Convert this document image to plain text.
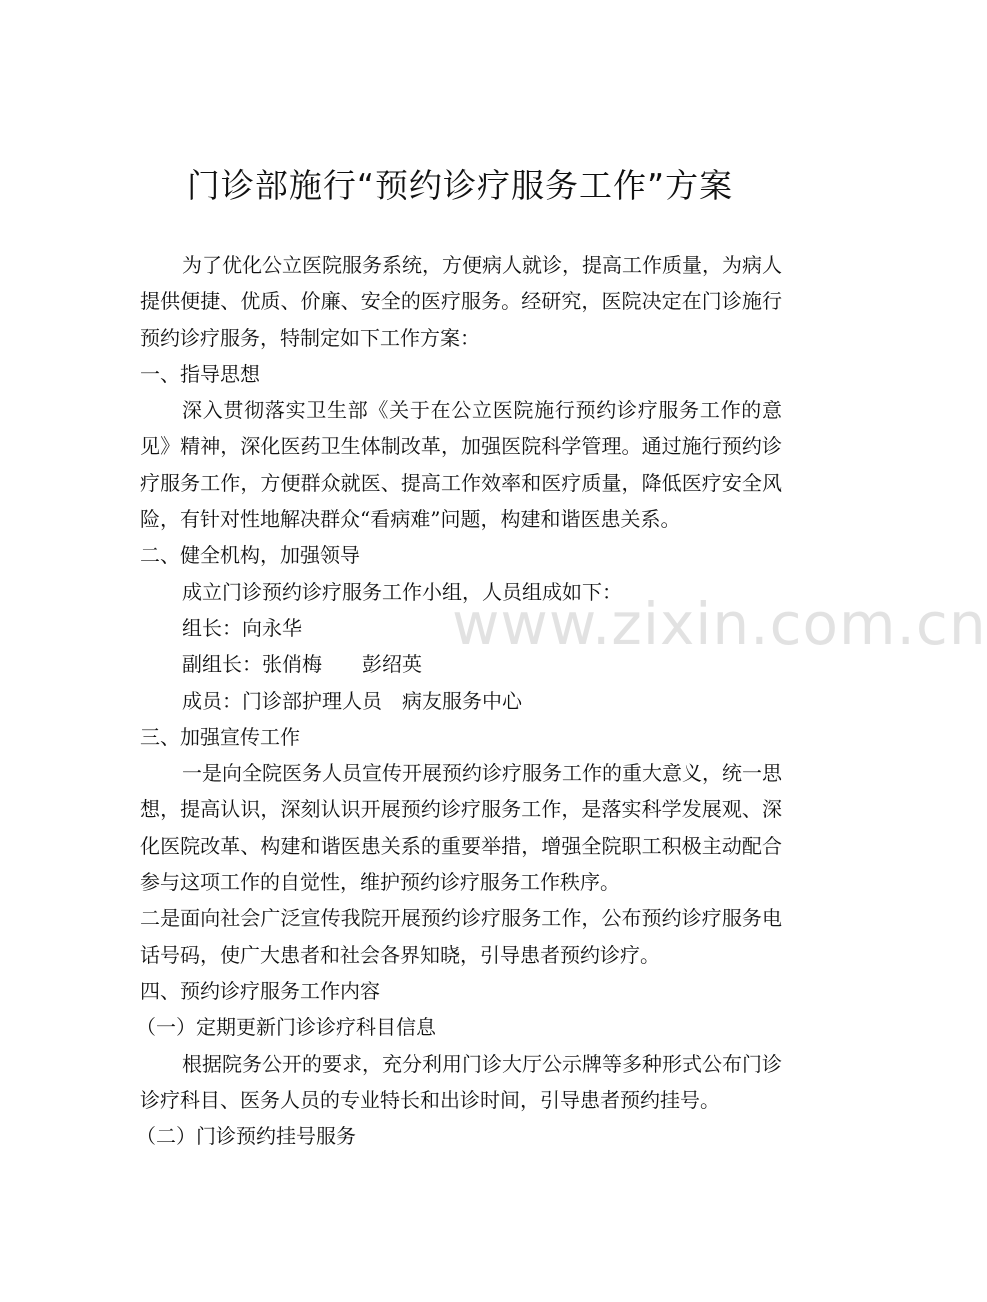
门诊部施行“预约诊疗服务工作”方案

为了优化公立医院服务系统，方便病人就诊，提高工作质量，为病人提供便捷、优质、价廉、安全的医疗服务。经研究，医院决定在门诊施行预约诊疗服务，特制定如下工作方案：

一、指导思想

深入贯彻落实卫生部《关于在公立医院施行预约诊疗服务工作的意见》精神，深化医药卫生体制改革，加强医院科学管理。通过施行预约诊疗服务工作，方便群众就医、提高工作效率和医疗质量，降低医疗安全风险，有针对性地解决群众“看病难”问题，构建和谐医患关系。

二、健全机构，加强领导

成立门诊预约诊疗服务工作小组，人员组成如下：

组长：向永华

副组长：张俏梅　　彭绍英

成员：门诊部护理人员　病友服务中心

三、加强宣传工作

一是向全院医务人员宣传开展预约诊疗服务工作的重大意义，统一思想，提高认识，深刻认识开展预约诊疗服务工作，是落实科学发展观、深化医院改革、构建和谐医患关系的重要举措，增强全院职工积极主动配合参与这项工作的自觉性，维护预约诊疗服务工作秩序。

二是面向社会广泛宣传我院开展预约诊疗服务工作，公布预约诊疗服务电话号码，使广大患者和社会各界知晓，引导患者预约诊疗。

四、预约诊疗服务工作内容

（一）定期更新门诊诊疗科目信息

根据院务公开的要求，充分利用门诊大厅公示牌等多种形式公布门诊诊疗科目、医务人员的专业特长和出诊时间，引导患者预约挂号。

（二）门诊预约挂号服务

www.zixin.com.cn
